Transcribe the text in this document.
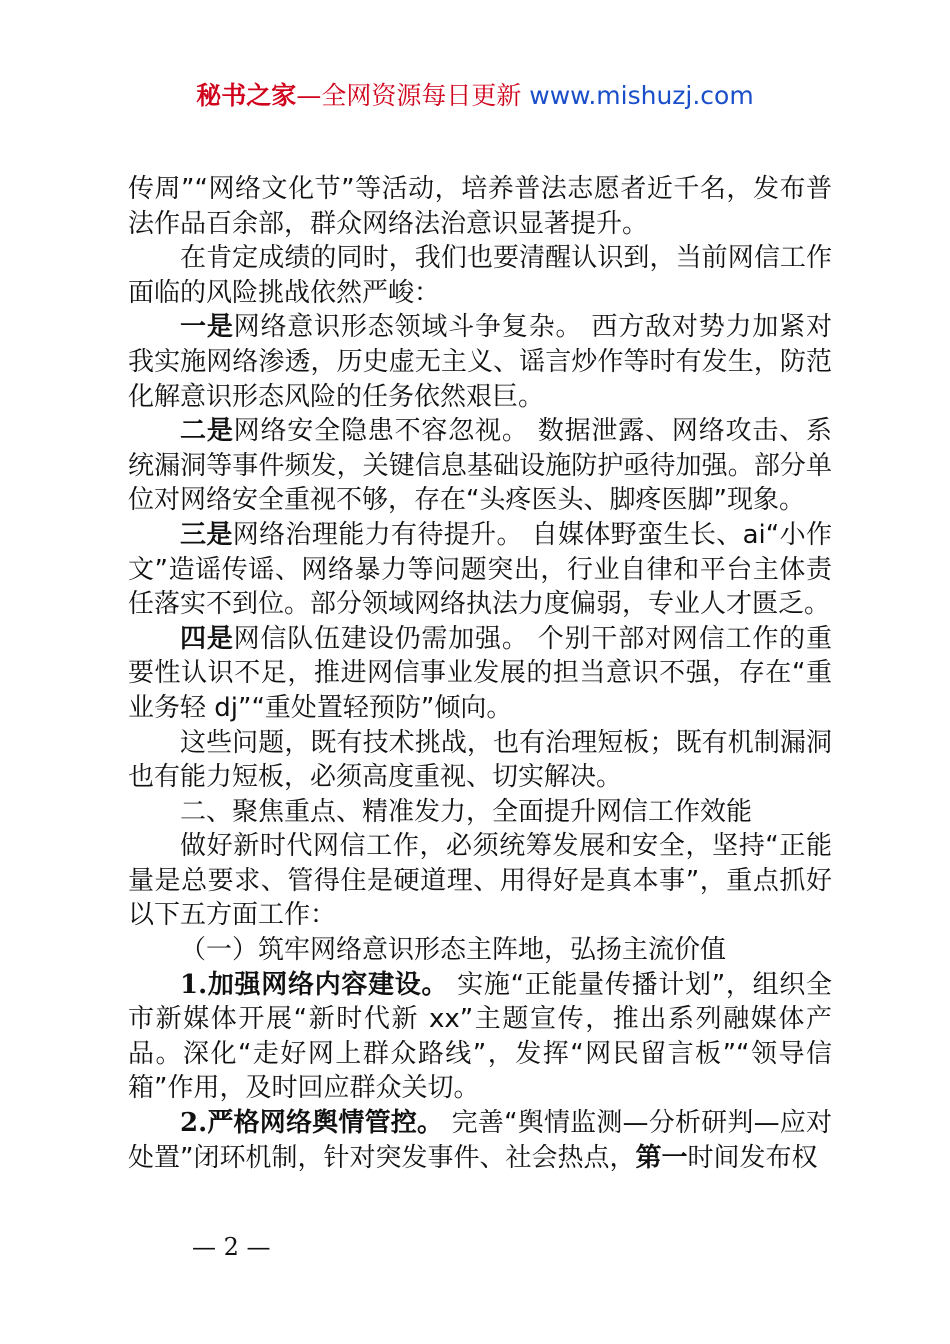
秘书之家—全网资源每日更新 www.mishuzj.com

传周”“网络文化节”等活动，培养普法志愿者近千名，发布普法作品百余部，群众网络法治意识显著提升。

在肯定成绩的同时，我们也要清醒认识到，当前网信工作面临的风险挑战依然严峻：

一是网络意识形态领域斗争复杂。 西方敌对势力加紧对我实施网络渗透，历史虚无主义、谣言炒作等时有发生，防范化解意识形态风险的任务依然艰巨。

二是网络安全隐患不容忽视。 数据泄露、网络攻击、系统漏洞等事件频发，关键信息基础设施防护亟待加强。部分单位对网络安全重视不够，存在“头疼医头、脚疼医脚”现象。

三是网络治理能力有待提升。 自媒体野蛮生长、ai“小作文”造谣传谣、网络暴力等问题突出，行业自律和平台主体责任落实不到位。部分领域网络执法力度偏弱，专业人才匮乏。

四是网信队伍建设仍需加强。 个别干部对网信工作的重要性认识不足，推进网信事业发展的担当意识不强，存在“重业务轻 dj”“重处置轻预防”倾向。

这些问题，既有技术挑战，也有治理短板；既有机制漏洞也有能力短板，必须高度重视、切实解决。

二、聚焦重点、精准发力，全面提升网信工作效能

做好新时代网信工作，必须统筹发展和安全，坚持“正能量是总要求、管得住是硬道理、用得好是真本事”，重点抓好以下五方面工作：

（一）筑牢网络意识形态主阵地，弘扬主流价值

1.加强网络内容建设。 实施“正能量传播计划”，组织全市新媒体开展“新时代新 xx”主题宣传，推出系列融媒体产品。深化“走好网上群众路线”，发挥“网民留言板”“领导信箱”作用，及时回应群众关切。

2.严格网络舆情管控。 完善“舆情监测—分析研判—应对处置”闭环机制，针对突发事件、社会热点，第一时间发布权

— 2 —
